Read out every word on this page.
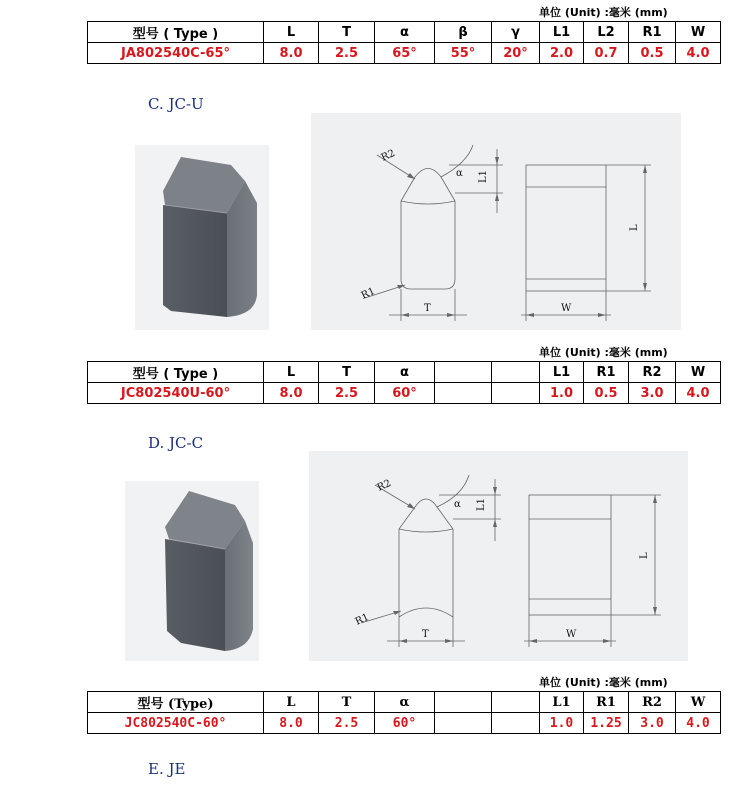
单位 (Unit) :毫米 (mm)
型号 ( Type )	L	T	α	β	γ	L1	L2	R1	W
JA802540C-65°	8.0	2.5	65°	55°	20°	2.0	0.7	0.5	4.0
C. JC-U
R2
α L1
R1
T	W
L
单位 (Unit) :毫米 (mm)
型号 ( Type )	L	T	α			L1	R1	R2	W
JC802540U-60°	8.0	2.5	60°			1.0	0.5	3.0	4.0
D. JC-C
R2
α L1
R1
T	W
L
单位 (Unit) :毫米 (mm)
型号 (Type)	L	T	α			L1	R1	R2	W
JC802540C-60°	8.0	2.5	60°			1.0	1.25	3.0	4.0
E. JE
